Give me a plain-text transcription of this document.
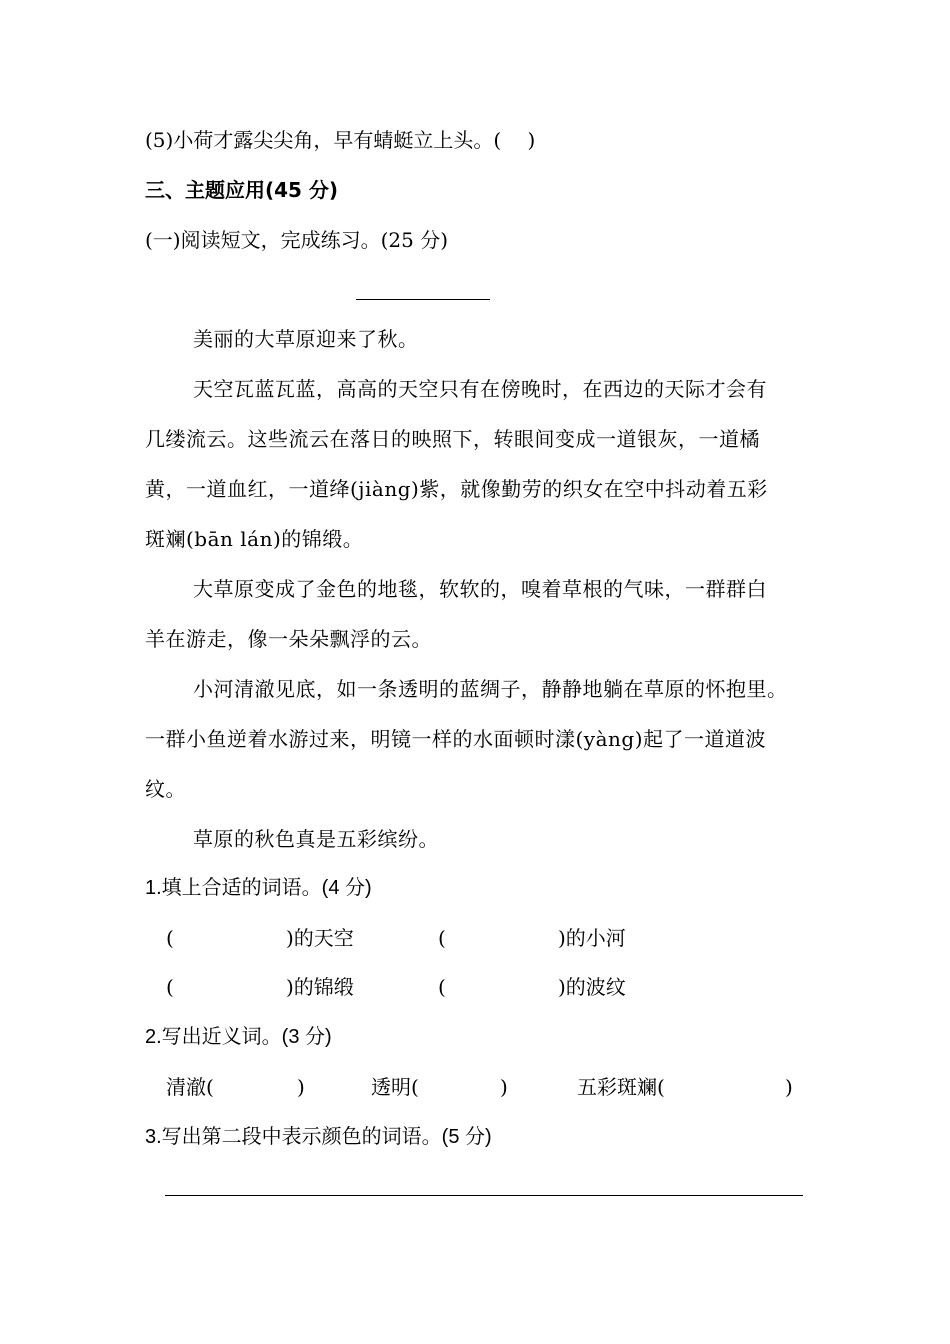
(5)小荷才露尖尖角，早有蜻蜓立上头。(　 )
三、主题应用(45 分)
(一)阅读短文，完成练习。(25 分)
美丽的大草原迎来了秋。
天空瓦蓝瓦蓝，高高的天空只有在傍晚时，在西边的天际才会有
几缕流云。这些流云在落日的映照下，转眼间变成一道银灰，一道橘
黄，一道血红，一道绛(jiàng)紫，就像勤劳的织女在空中抖动着五彩
斑斓(bān lán)的锦缎。
大草原变成了金色的地毯，软软的，嗅着草根的气味，一群群白
羊在游走，像一朵朵飘浮的云。
小河清澈见底，如一条透明的蓝绸子，静静地躺在草原的怀抱里。
一群小鱼逆着水游过来，明镜一样的水面顿时漾(yàng)起了一道道波
纹。
草原的秋色真是五彩缤纷。
1.填上合适的词语。(4 分)
(	)的天空	(	)的小河
(	)的锦缎	(	)的波纹
2.写出近义词。(3 分)
清澈(	)	透明(	)	五彩斑斓(	)
3.写出第二段中表示颜色的词语。(5 分)
